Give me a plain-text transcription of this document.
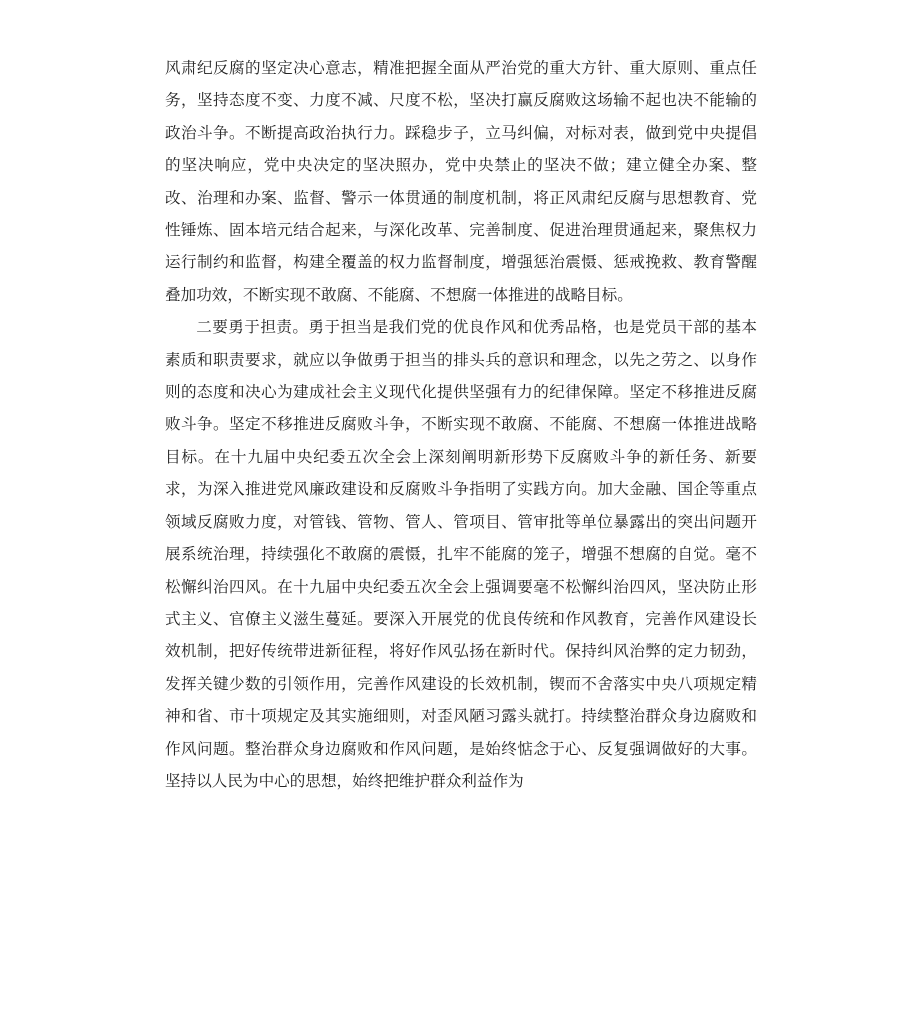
风肃纪反腐的坚定决心意志，精准把握全面从严治党的重大方针、重大原则、重点任务，坚持态度不变、力度不减、尺度不松，坚决打赢反腐败这场输不起也决不能输的政治斗争。不断提高政治执行力。踩稳步子，立马纠偏，对标对表，做到党中央提倡的坚决响应，党中央决定的坚决照办，党中央禁止的坚决不做；建立健全办案、整改、治理和办案、监督、警示一体贯通的制度机制，将正风肃纪反腐与思想教育、党性锤炼、固本培元结合起来，与深化改革、完善制度、促进治理贯通起来，聚焦权力运行制约和监督，构建全覆盖的权力监督制度，增强惩治震慑、惩戒挽救、教育警醒叠加功效，不断实现不敢腐、不能腐、不想腐一体推进的战略目标。

二要勇于担责。勇于担当是我们党的优良作风和优秀品格，也是党员干部的基本素质和职责要求，就应以争做勇于担当的排头兵的意识和理念，以先之劳之、以身作则的态度和决心为建成社会主义现代化提供坚强有力的纪律保障。坚定不移推进反腐败斗争。坚定不移推进反腐败斗争，不断实现不敢腐、不能腐、不想腐一体推进战略目标。在十九届中央纪委五次全会上深刻阐明新形势下反腐败斗争的新任务、新要求，为深入推进党风廉政建设和反腐败斗争指明了实践方向。加大金融、国企等重点领域反腐败力度，对管钱、管物、管人、管项目、管审批等单位暴露出的突出问题开展系统治理，持续强化不敢腐的震慑，扎牢不能腐的笼子，增强不想腐的自觉。毫不松懈纠治四风。在十九届中央纪委五次全会上强调要毫不松懈纠治四风，坚决防止形式主义、官僚主义滋生蔓延。要深入开展党的优良传统和作风教育，完善作风建设长效机制，把好传统带进新征程，将好作风弘扬在新时代。保持纠风治弊的定力韧劲，发挥关键少数的引领作用，完善作风建设的长效机制，锲而不舍落实中央八项规定精神和省、市十项规定及其实施细则，对歪风陋习露头就打。持续整治群众身边腐败和作风问题。整治群众身边腐败和作风问题，是始终惦念于心、反复强调做好的大事。坚持以人民为中心的思想，始终把维护群众利益作为
